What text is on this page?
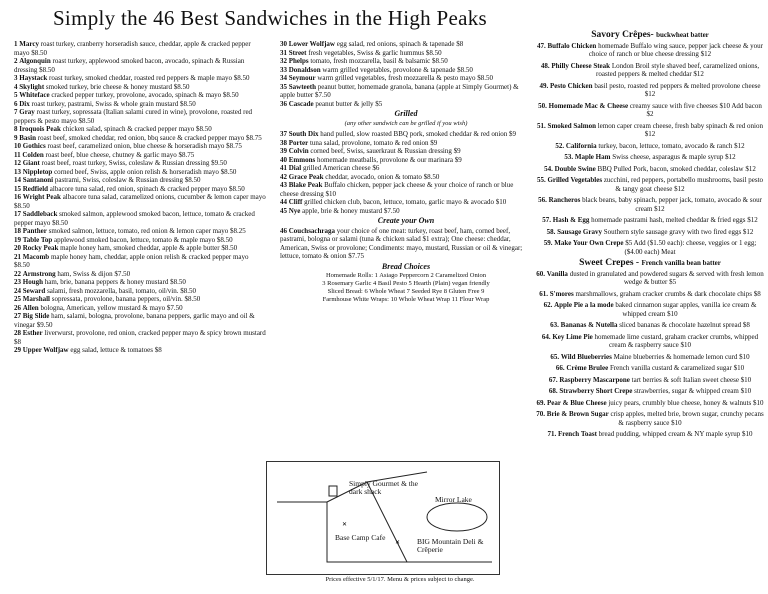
Simply the 46 Best Sandwiches in the High Peaks
1 Marcy roast turkey, cranberry horseradish sauce, cheddar, apple & cracked pepper mayo $8.50
2 Algonquin roast turkey, applewood smoked bacon, avocado, spinach & Russian dressing $8.50
3 Haystack roast turkey, smoked cheddar, roasted red peppers & maple mayo $8.50
4 Skylight smoked turkey, brie cheese & honey mustard $8.50
5 Whiteface cracked pepper turkey, provolone, avocado, spinach & mayo $8.50
6 Dix roast turkey, pastrami, Swiss & whole grain mustard $8.50
7 Gray roast turkey, sopressata (Italian salami cured in wine), provolone, roasted red peppers & pesto mayo $8.50
8 Iroquois Peak chicken salad, spinach & cracked pepper mayo $8.50
9 Basin roast beef, smoked cheddar, red onion, bbq sauce & cracked pepper mayo $8.75
10 Gothics roast beef, caramelized onion, blue cheese & horseradish mayo $8.75
11 Colden roast beef, blue cheese, chutney & garlic mayo $8.75
12 Giant roast beef, roast turkey, Swiss, coleslaw & Russian dressing $9.50
13 Nippletop corned beef, Swiss, apple onion relish & horseradish mayo $8.50
14 Santanoni pastrami, Swiss, coleslaw & Russian dressing $8.50
15 Redfield albacore tuna salad, red onion, spinach & cracked pepper mayo $8.50
16 Wright Peak albacore tuna salad, caramelized onions, cucumber & lemon caper mayo $8.50
17 Saddleback smoked salmon, applewood smoked bacon, lettuce, tomato & cracked pepper mayo $8.50
18 Panther smoked salmon, lettuce, tomato, red onion & lemon caper mayo $8.25
19 Table Top applewood smoked bacon, lettuce, tomato & maple mayo $8.50
20 Rocky Peak maple honey ham, smoked cheddar, apple & apple butter $8.50
21 Macomb maple honey ham, cheddar, apple onion relish & cracked pepper mayo $8.50
22 Armstrong ham, Swiss & dijon $7.50
23 Hough ham, brie, banana peppers & honey mustard $8.50
24 Seward salami, fresh mozzarella, basil, tomato, oil/vin. $8.50
25 Marshall sopressata, provolone, banana peppers, oil/vin. $8.50
26 Allen bologna, American, yellow mustard & mayo $7.50
27 Big Slide ham, salami, bologna, provolone, banana peppers, garlic mayo and oil & vinegar $9.50
28 Esther liverwurst, provolone, red onion, cracked pepper mayo & spicy brown mustard $8
29 Upper Wolfjaw egg salad, lettuce & tomatoes $8
30 Lower Wolfjaw egg salad, red onions, spinach & tapenade $8
31 Street fresh vegetables, Swiss & garlic hummus $8.50
32 Phelps tomato, fresh mozzarella, basil & balsamic $8.50
33 Donaldson warm grilled vegetables, provolone & tapenade $8.50
34 Seymour warm grilled vegetables, fresh mozzarella & pesto mayo $8.50
35 Sawteeth peanut butter, homemade granola, banana (apple at Simply Gourmet) & apple butter $7.50
36 Cascade peanut butter & jelly $5
Grilled
(any other sandwich can be grilled if you wish)
37 South Dix hand pulled, slow roasted BBQ pork, smoked cheddar & red onion $9
38 Porter tuna salad, provolone, tomato & red onion $9
39 Colvin corned beef, Swiss, sauerkraut & Russian dressing $9
40 Emmons homemade meatballs, provolone & our marinara $9
41 Dial grilled American cheese $6
42 Grace Peak cheddar, avocado, onion & tomato $8.50
43 Blake Peak Buffalo chicken, pepper jack cheese & your choice of ranch or blue cheese dressing $10
44 Cliff grilled chicken club, bacon, lettuce, tomato, garlic mayo & avocado $10
45 Nye apple, brie & honey mustard $7.50
Create your Own
46 Couchsachraga your choice of one meat: turkey, roast beef, ham, corned beef, pastrami, bologna or salami (tuna & chicken salad $1 extra); One cheese: cheddar, American, Swiss or provolone; Condiments: mayo, mustard, Russian or oil & vinegar; lettuce, tomato & onion $7.75
Bread Choices
Homemade Rolls: 1 Asiago Peppercorn 2 Caramelized Onion
3 Rosemary Garlic 4 Basil Pesto 5 Hearth (Plain) vegan friendly
Sliced Bread: 6 Whole Wheat 7 Seeded Rye 8 Gluten Free 9
Farmhouse White Wraps: 10 Whole Wheat Wrap 11 Flour Wrap
Savory Crêpes- buckwheat batter
47. Buffalo Chicken homemade Buffalo wing sauce, pepper jack cheese & your choice of ranch or blue cheese dressing $12
48. Philly Cheese Steak London Broil style shaved beef, caramelized onions, roasted peppers & melted cheddar $12
49. Pesto Chicken basil pesto, roasted red peppers & melted provolone cheese $12
50. Homemade Mac & Cheese creamy sauce with five cheeses $10 Add bacon $2
51. Smoked Salmon lemon caper cream cheese, fresh baby spinach & red onion $12
52. California turkey, bacon, lettuce, tomato, avocado & ranch $12
53. Maple Ham Swiss cheese, asparagus & maple syrup $12
54. Double Swine BBQ Pulled Pork, bacon, smoked cheddar, coleslaw $12
55. Grilled Vegetables zucchini, red peppers, portabello mushrooms, basil pesto & tangy goat cheese $12
56. Rancheros black beans, baby spinach, pepper jack, tomato, avocado & sour cream $12
57. Hash & Egg homemade pastrami hash, melted cheddar & fried eggs $12
58. Sausage Gravy Southern style sausage gravy with two fired eggs $12
59. Make Your Own Crepe $5 Add ($1.50 each): cheese, veggies or 1 egg; ($4.00 each) Meat
Sweet Crepes - French vanilla bean batter
60. Vanilla dusted in granulated and powdered sugars & served with fresh lemon wedge & butter $5
61. S'mores marshmallows, graham cracker crumbs & dark chocolate chips $8
62. Apple Pie a la mode baked cinnamon sugar apples, vanilla ice cream & whipped cream $10
63. Bananas & Nutella sliced bananas & chocolate hazelnut spread $8
64. Key Lime Pie homemade lime custard, graham cracker crumbs, whipped cream & raspberry sauce $10
65. Wild Blueberries Maine blueberries & homemade lemon curd $10
66. Crème Brulee French vanilla custard & caramelized sugar $10
67. Raspberry Mascarpone tart berries & soft Italian sweet cheese $10
68. Strawberry Short Crepe strawberries, sugar & whipped cream $10
69. Pear & Blue Cheese juicy pears, crumbly blue cheese, honey & walnuts $10
70. Brie & Brown Sugar crisp apples, melted brie, brown sugar, crunchy pecans & raspberry sauce $10
71. French Toast bread pudding, whipped cream & NY maple syrup $10
✕
✕
Simply Gourmet & the dark shack
Mirror Lake
Base Camp Cafe	BIG Mountain Deli & Crêperie
Prices effective 5/1/17. Menu & prices subject to change.
